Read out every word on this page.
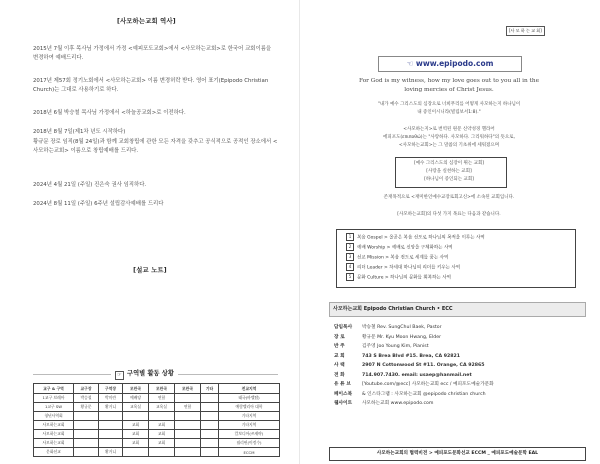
[사모하는교회 역사]
2015년 7월 이후 목사님 가정에서 가정 <예피포도교회>에서 <사모하는교회>로 한국어 교회이름을 변경하여 예배드리다.
2017년 제57회 정기노회에서 <사모하는교회> 이름 변경허락 받다. 영어 표기(Epipodo Christian Church)는 그대로 사용하기로 하다.
2018년 6월 박승철 목사님 가정에서 <하늘공교회>로 이전하다.
2018년 8월 7일(제1차 년도 시작하다)
황규문 장로 임직(8월 24일)과 함께 교회창립에 관한 모든 자격을 갖추고 공식적으로 공적인 장소에서 <사모하는교회> 이름으로 창립예배를 드리다.
2024년 4월 21일 (주일) 진은숙 권사 임직하다.
2024년 8월 11일 (주일) 6주년 설립감사예배를 드리다
[설교 노트]
☞ 구역별 활동 상황
교구 & 구역	교구장	구역장	모란곡	모란곡	모란곡	기타	전교지역
1교구 브레아	박승철	박미란	예배당	연합			태국(바벨탑)
1교구 SW	황규문	황거니	교육실	교육실	연합		예람벨리아 대학
청년사역회							기타지역
사모하는교회			교회	교회			기타지역
사모하는교회			교회	교회			캄보디아(쓰제야)
사모하는교회			교회	교회			필리핀(이정수)
문화선교		황거니					ECCM
[사 모 하 는 교 회]
☜ www.epipodo.com
For God is my witness, how my love goes out to you all in the
loving mercies of Christ Jesus.
"내가 예수 그리스도의 심장으로 너희무리를 어떻게 사모하는지 하나님이
내 증인이시니라(빌립보서1:8)."
<사모하는지>로 번역된 원문 신약성경 헬라어
에피포도(επιποθώ)는 "사랑하다. 사모하다. 그리워하다"의 뜻으로,
<사모하는교회>는 그 말씀의 기초위에 세워졌으며
[예수 그리스도의 심장이 뛰는 교회]
[사랑을 실천하는 교회]
[하나님이 증인되는 교회]
존재목적으로 <재미한인예수교장로회고신>에 소속된 교회입니다.
[사모하는교회]의 다섯 가지 목표는 다음과 같습니다.
1 복음 Gospel > 올곧은 복음 선포로 하나님의 목적을 이루는 사역
2 예배 Worship > 예배로 신앙을 구체화하는 사역
3 선교 Mission > 복음 전도로 세계를 품는 사역
4 리더 Leader > 차세대 하나님의 리더를 키우는 사역
5 문화 Culture > 하나님의 문화를 회복하는 사역
사모하는교회 Epipodo Christian Church • ECC
담임목사 박승철 Rev. SungChul Baek, Pastor
장 로	황규문 Mr. Kyu Moon Hwang, Elder
반 주	김주영 Joo Young Kim, Pianist
교 회	743 S Brea Blvd #15. Brea, CA 92821
사 택	2907 N Cottonwood St #11. Orange, CA 92865
전 화	714.907.7430. email: usaep@hanmail.net
유 튜 브 [Youtube.com/@ecc] 사모하는교회 ecc / 예피포도예술가문화
페이스북 & 인스타그램 : 사모하는교회 @epipodo christian church
웹사이트 사모하는교회 www.epipodo.com
사모하는교회의 협력비전 > 예피포도문화선교 ECCM _ 예피포도예술문학 EAL
